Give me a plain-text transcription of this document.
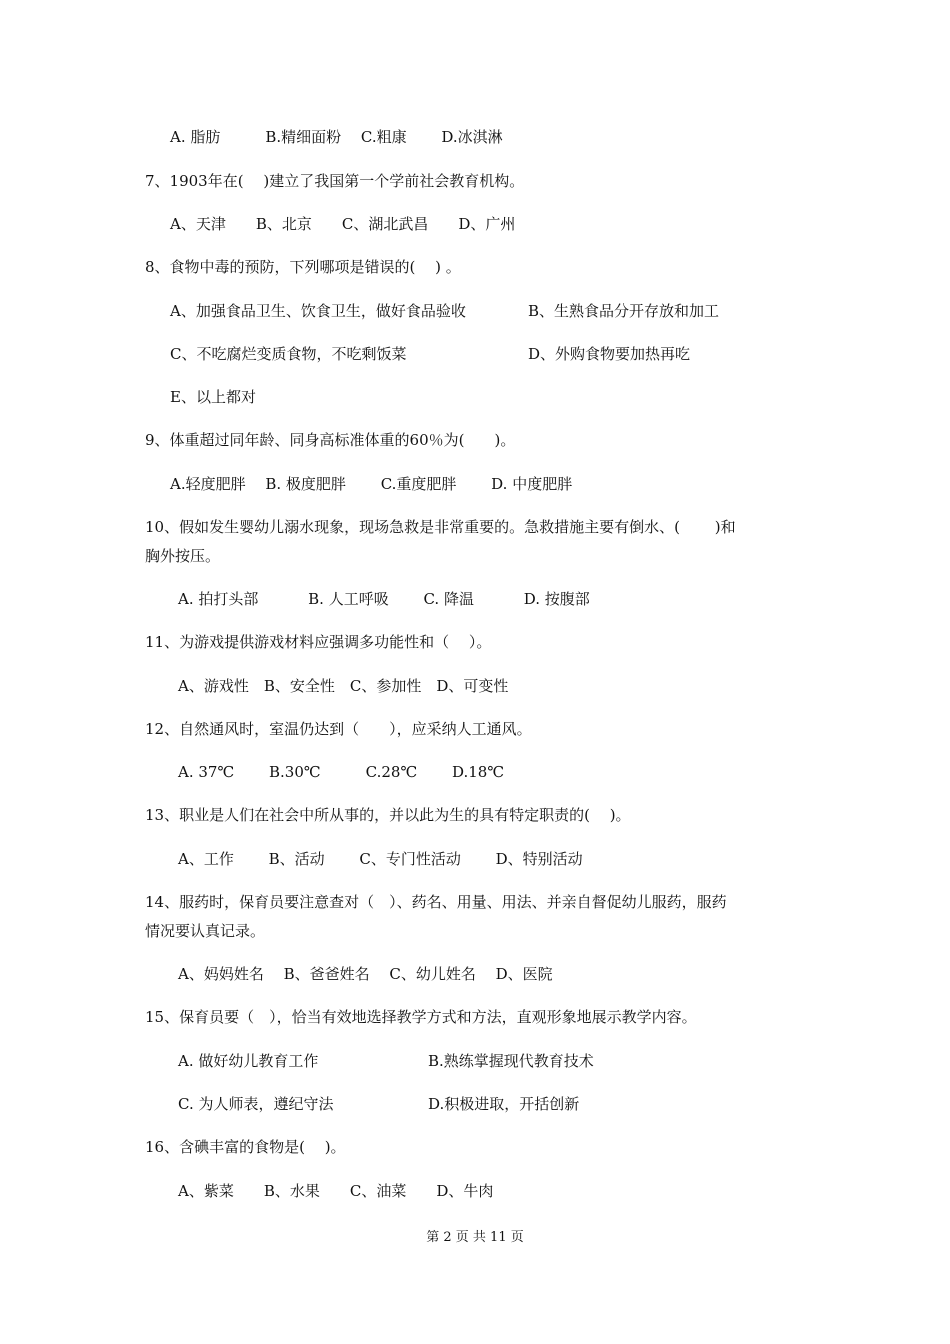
A. 脂肪　　　B.精细面粉　 C.粗康　　 D.冰淇淋
7、1903年在(　 )建立了我国第一个学前社会教育机构。
A、天津　　B、北京　　C、湖北武昌　　D、广州
8、食物中毒的预防，下列哪项是错误的(　 ) 。
A、加强食品卫生、饮食卫生，做好食品验收	B、生熟食品分开存放和加工
C、不吃腐烂变质食物，不吃剩饭菜	D、外购食物要加热再吃
E、以上都对
9、体重超过同年龄、同身高标准体重的60％为(　　)。
A.轻度肥胖　 B. 极度肥胖　　 C.重度肥胖　　 D. 中度肥胖
10、假如发生婴幼儿溺水现象，现场急救是非常重要的。急救措施主要有倒水、(　　 )和
胸外按压。
A. 拍打头部　　　 B. 人工呼吸　　 C. 降温　　　 D. 按腹部
11、为游戏提供游戏材料应强调多功能性和（　 ）。
A、游戏性　B、安全性　C、参加性　D、可变性
12、自然通风时，室温仍达到（　　），应采纳人工通风。
A. 37℃　　 B.30℃　　　C.28℃　　 D.18℃
13、职业是人们在社会中所从事的，并以此为生的具有特定职责的(　 )。
A、工作　　 B、活动　　 C、专门性活动　　 D、特别活动
14、服药时，保育员要注意查对（　）、药名、用量、用法、并亲自督促幼儿服药，服药
情况要认真记录。
A、妈妈姓名　 B、爸爸姓名　 C、幼儿姓名　 D、医院
15、保育员要（　），恰当有效地选择教学方式和方法，直观形象地展示教学内容。
A. 做好幼儿教育工作	B.熟练掌握现代教育技术
C. 为人师表，遵纪守法	D.积极进取，开括创新
16、含碘丰富的食物是(　 )。
A、紫菜　　B、水果　　C、油菜　　D、牛肉
第 2 页 共 11 页
